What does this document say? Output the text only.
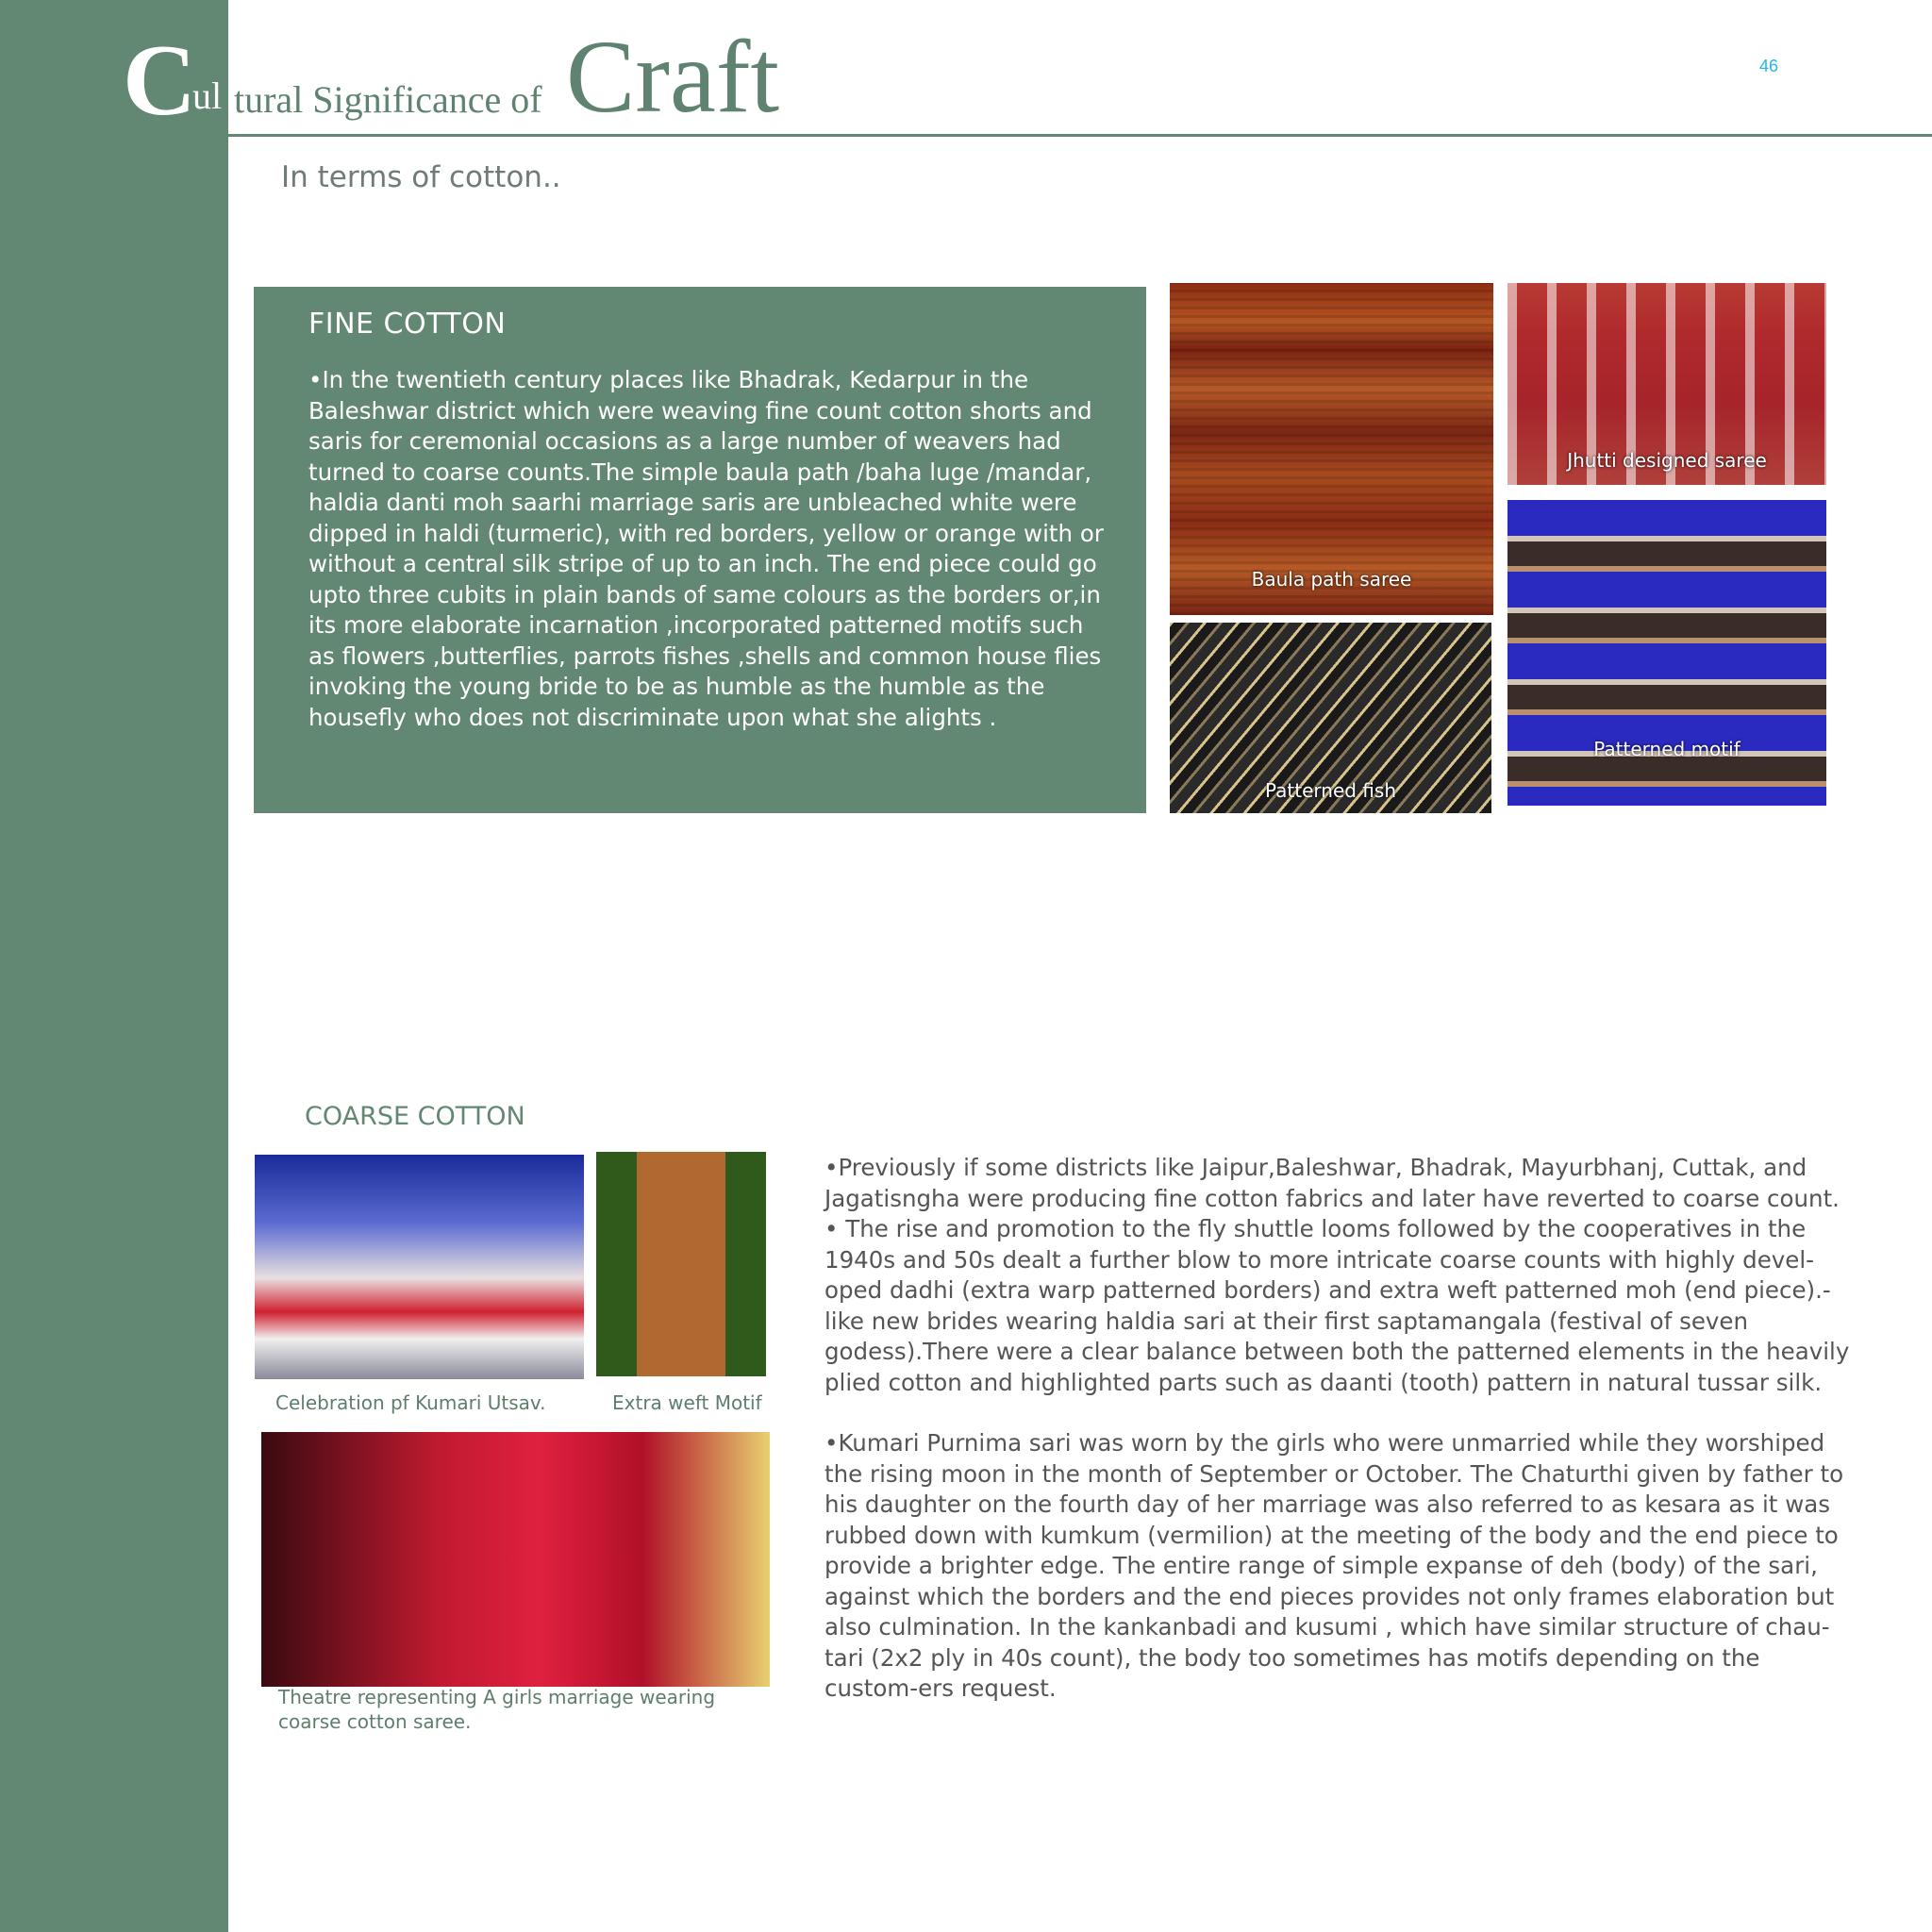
C
ul tural Significance of Craft	46
In terms of cotton..
FINE COTTON
•In the twentieth century places like Bhadrak, Kedarpur in the Baleshwar district which were weaving fine count cotton shorts and saris for ceremonial occasions as a large number of weavers had turned to coarse counts.The simple baula path /baha luge /mandar, haldia danti moh saarhi marriage saris are unbleached white were dipped in haldi (turmeric), with red borders, yellow or orange with or without a central silk stripe of up to an inch. The end piece could go upto three cubits in plain bands of same colours as the borders or,in its more elaborate incarnation ,incorporated patterned motifs such as flowers ,butterflies, parrots fishes ,shells and common house flies invoking the young bride to be as humble as the humble as the housefly who does not discriminate upon what she alights .
Baula path saree
Jhutti designed saree
Patterned fish
Patterned motif
COARSE COTTON
Celebration pf Kumari Utsav.	Extra weft Motif
Theatre representing A girls marriage wearing coarse cotton saree.

•Previously if some districts like Jaipur,Baleshwar, Bhadrak, Mayurbhanj, Cuttak, and Jagatisngha were producing fine cotton fabrics and later have reverted to coarse count. • The rise and promotion to the fly shuttle looms followed by the cooperatives in the 1940s and 50s dealt a further blow to more intricate coarse counts with highly devel-oped dadhi (extra warp patterned borders) and extra weft patterned moh (end piece).-like new brides wearing haldia sari at their first saptamangala (festival of seven godess).There were a clear balance between both the patterned elements in the heavily plied cotton and highlighted parts such as daanti (tooth) pattern in natural tussar silk.

•Kumari Purnima sari was worn by the girls who were unmarried while they worshiped the rising moon in the month of September or October. The Chaturthi given by father to his daughter on the fourth day of her marriage was also referred to as kesara as it was rubbed down with kumkum (vermilion) at the meeting of the body and the end piece to provide a brighter edge. The entire range of simple expanse of deh (body) of the sari, against which the borders and the end pieces provides not only frames elaboration but also culmination. In the kankanbadi and kusumi , which have similar structure of chau-tari (2x2 ply in 40s count), the body too sometimes has motifs depending on the custom-ers request.
